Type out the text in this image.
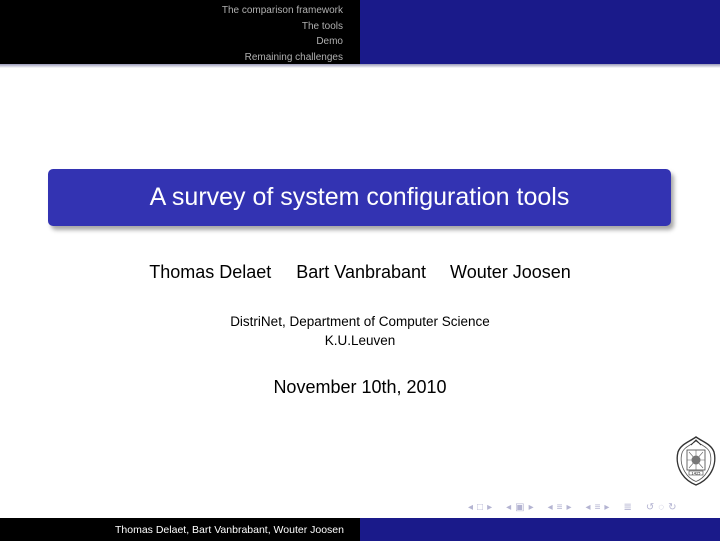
The comparison framework
The tools
Demo
Remaining challenges
A survey of system configuration tools
Thomas Delaet Bart Vanbrabant Wouter Joosen
DistriNet, Department of Computer Science
K.U.Leuven
November 10th, 2010
1425
◂ □ ▸ ◂ ▣ ▸ ◂ ≡ ▸ ◂ ≡ ▸ ≣ ↺ ◌ ↻
Thomas Delaet, Bart Vanbrabant, Wouter Joosen
